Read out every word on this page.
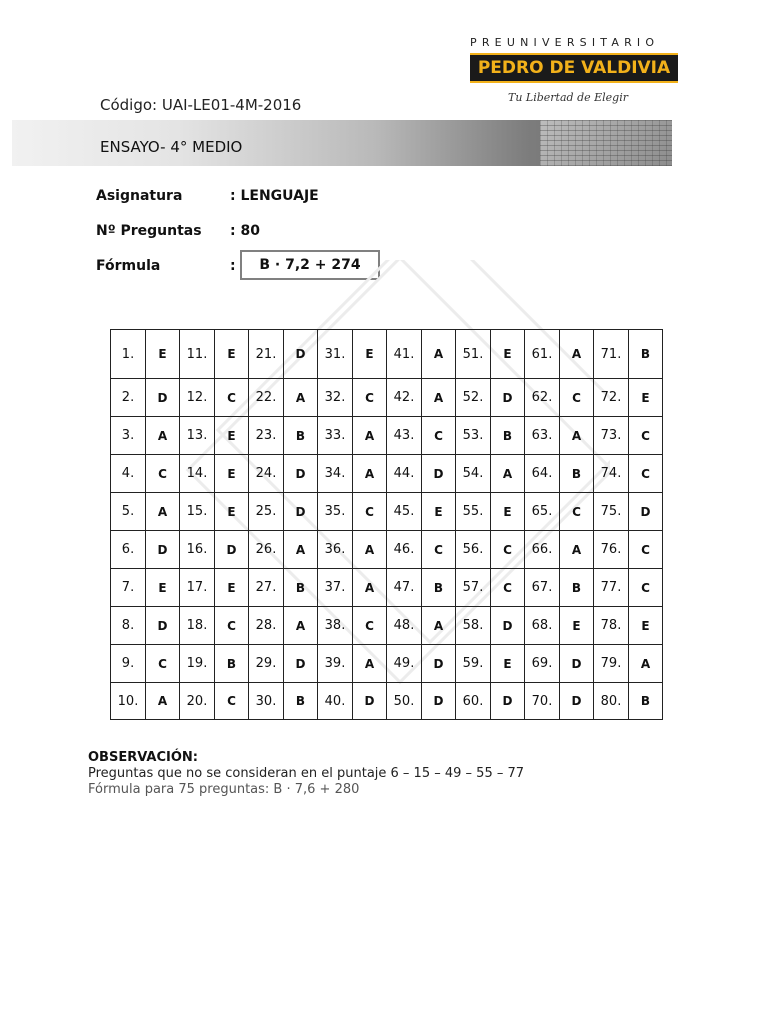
PREUNIVERSITARIO
PEDRO DE VALDIVIA
Tu Libertad de Elegir
Código: UAI-LE01-4M-2016
ENSAYO- 4° MEDIO
Asignatura	: LENGUAJE
Nº Preguntas : 80
Fórmula	:	B · 7,2 + 274
1.	E	11.	E	21.	D	31.	E	41.	A	51.	E	61.	A	71.	B
2.	D	12.	C	22.	A	32.	C	42.	A	52.	D	62.	C	72.	E
3.	A	13.	E	23.	B	33.	A	43.	C	53.	B	63.	A	73.	C
4.	C	14.	E	24.	D	34.	A	44.	D	54.	A	64.	B	74.	C
5.	A	15.	E	25.	D	35.	C	45.	E	55.	E	65.	C	75.	D
6.	D	16.	D	26.	A	36.	A	46.	C	56.	C	66.	A	76.	C
7.	E	17.	E	27.	B	37.	A	47.	B	57.	C	67.	B	77.	C
8.	D	18.	C	28.	A	38.	C	48.	A	58.	D	68.	E	78.	E
9.	C	19.	B	29.	D	39.	A	49.	D	59.	E	69.	D	79.	A
10.	A	20.	C	30.	B	40.	D	50.	D	60.	D	70.	D	80.	B
OBSERVACIÓN:
Preguntas que no se consideran en el puntaje 6 – 15 – 49 – 55 – 77
Fórmula para 75 preguntas: B · 7,6 + 280
